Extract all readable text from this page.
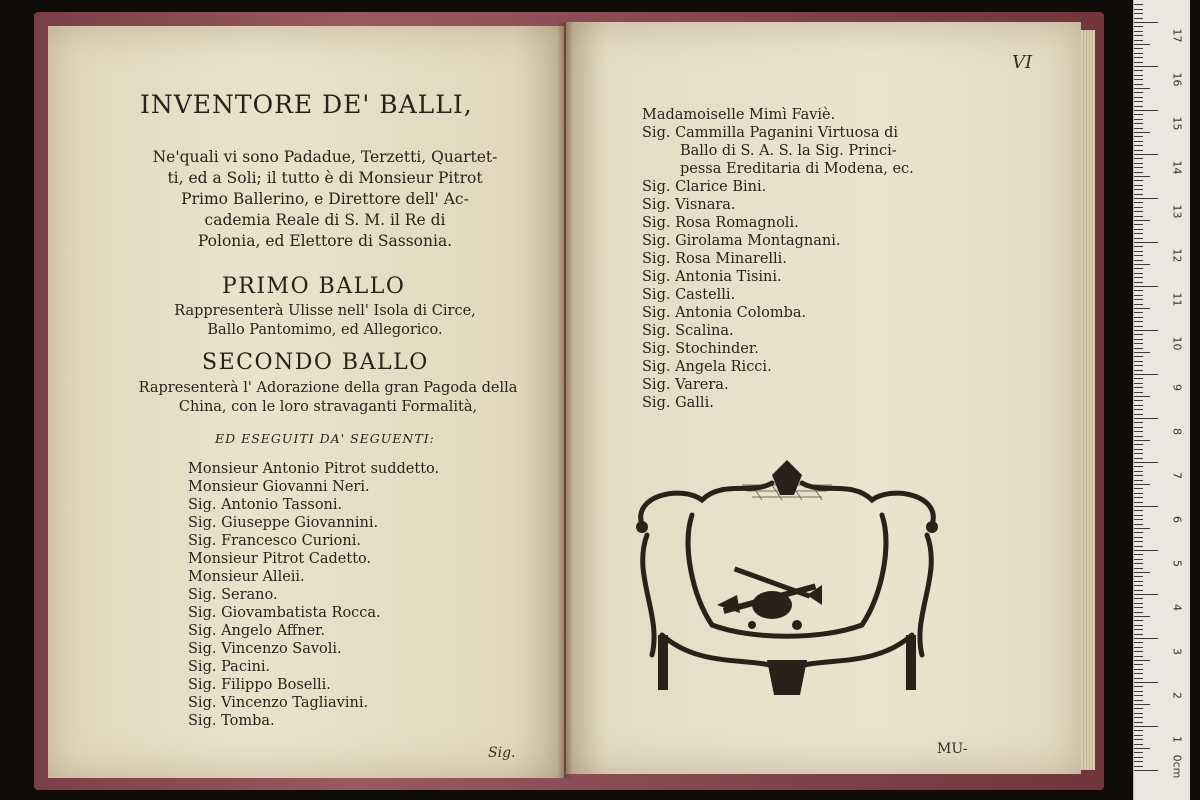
INVENTORE DE' BALLI,
Ne'quali vi sono Padadue, Terzetti, Quartet-
ti, ed a Soli; il tutto è di Monsieur Pitrot
Primo Ballerino, e Direttore dell' Ac-
cademia Reale di S. M. il Re di
Polonia, ed Elettore di Sassonia.
PRIMO BALLO
Rappresenterà Ulisse nell' Isola di Circe,
Ballo Pantomimo, ed Allegorico.
SECONDO BALLO
Rapresenterà l' Adorazione della gran Pagoda della
China, con le loro stravaganti Formalità,
ED ESEGUITI DA' SEGUENTI:
Monsieur Antonio Pitrot suddetto.
Monsieur Giovanni Neri.
Sig. Antonio Tassoni.
Sig. Giuseppe Giovannini.
Sig. Francesco Curioni.
Monsieur Pitrot Cadetto.
Monsieur Alleii.
Sig. Serano.
Sig. Giovambatista Rocca.
Sig. Angelo Affner.
Sig. Vincenzo Savoli.
Sig. Pacini.
Sig. Filippo Boselli.
Sig. Vincenzo Tagliavini.
Sig. Tomba.
Sig.
VI
Madamoiselle Mimì Faviè.
Sig. Cammilla Paganini Virtuosa di
Ballo di S. A. S. la Sig. Princi-
pessa Ereditaria di Modena, ec.
Sig. Clarice Bini.
Sig. Visnara.
Sig. Rosa Romagnoli.
Sig. Girolama Montagnani.
Sig. Rosa Minarelli.
Sig. Antonia Tisini.
Sig. Castelli.
Sig. Antonia Colomba.
Sig. Scalina.
Sig. Stochinder.
Sig. Angela Ricci.
Sig. Varera.
Sig. Galli.
MU-
0cm
1
2
3
4
5
6
7
8
9
10
11
12
13
14
15
16
17
